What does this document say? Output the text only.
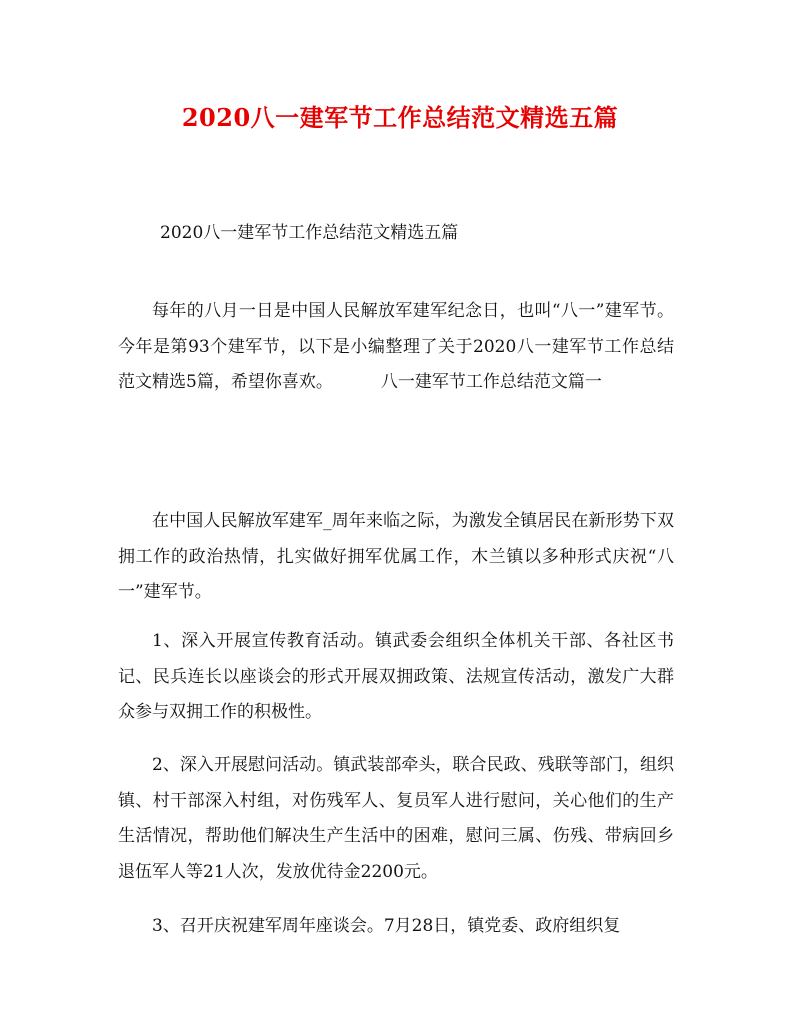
2020八一建军节工作总结范文精选五篇
2020八一建军节工作总结范文精选五篇

每年的八月一日是中国人民解放军建军纪念日，也叫“八一”建军节。今年是第93个建军节，以下是小编整理了关于2020八一建军节工作总结范文精选5篇，希望你喜欢。	八一建军节工作总结范文篇一

在中国人民解放军建军_周年来临之际，为激发全镇居民在新形势下双拥工作的政治热情，扎实做好拥军优属工作，木兰镇以多种形式庆祝“八一”建军节。

1、深入开展宣传教育活动。镇武委会组织全体机关干部、各社区书记、民兵连长以座谈会的形式开展双拥政策、法规宣传活动，激发广大群众参与双拥工作的积极性。

2、深入开展慰问活动。镇武装部牵头，联合民政、残联等部门，组织镇、村干部深入村组，对伤残军人、复员军人进行慰问，关心他们的生产生活情况，帮助他们解决生产生活中的困难，慰问三属、伤残、带病回乡退伍军人等21人次，发放优待金2200元。

3、召开庆祝建军周年座谈会。7月28日，镇党委、政府组织复
